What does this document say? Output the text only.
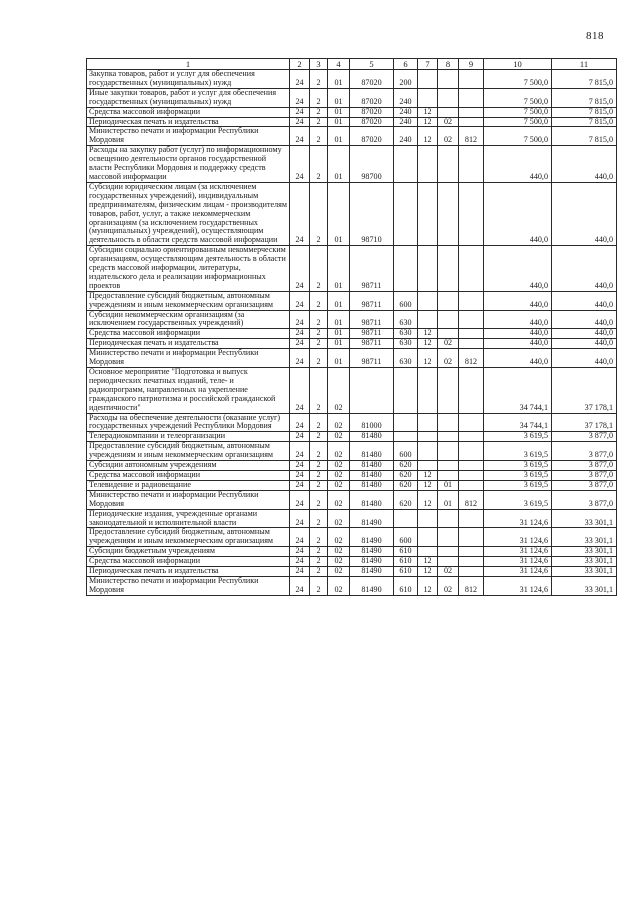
818
1	2	3	4	5	6	7	8	9	10	11
Закупка товаров, работ и услуг для обеспечения государственных (муниципальных) нужд	24	2	01	87020	200				7 500,0	7 815,0
Иные закупки товаров, работ и услуг для обеспечения государственных (муниципальных) нужд	24	2	01	87020	240				7 500,0	7 815,0
Средства массовой информации	24	2	01	87020	240	12			7 500,0	7 815,0
Периодическая печать и издательства	24	2	01	87020	240	12	02		7 500,0	7 815,0
Министерство печати и информации Республики Мордовия	24	2	01	87020	240	12	02	812	7 500,0	7 815,0
Расходы на закупку работ (услуг) по информационному освещению деятельности органов государственной власти Республики Мордовия и поддержку средств массовой информации	24	2	01	98700					440,0	440,0
Субсидии юридическим лицам (за исключением государственных учреждений), индивидуальным предпринимателям, физическим лицам - производителям товаров, работ, услуг, а также некоммерческим организациям (за исключением государственных (муниципальных) учреждений), осуществляющим деятельность в области средств массовой информации	24	2	01	98710					440,0	440,0
Субсидии социально ориентированным некоммерческим организациям, осуществляющим деятельность в области средств массовой информации, литературы, издательского дела и реализации информационных проектов	24	2	01	98711					440,0	440,0
Предоставление субсидий бюджетным, автономным учреждениям и иным некоммерческим организациям	24	2	01	98711	600				440,0	440,0
Субсидии некоммерческим организациям (за исключением государственных учреждений)	24	2	01	98711	630				440,0	440,0
Средства массовой информации	24	2	01	98711	630	12			440,0	440,0
Периодическая печать и издательства	24	2	01	98711	630	12	02		440,0	440,0
Министерство печати и информации Республики Мордовия	24	2	01	98711	630	12	02	812	440,0	440,0
Основное мероприятие "Подготовка и выпуск периодических печатных изданий, теле- и радиопрограмм, направленных на укрепление гражданского патриотизма и российской гражданской идентичности"	24	2	02						34 744,1	37 178,1
Расходы на обеспечение деятельности (оказание услуг) государственных учреждений Республики Мордовия	24	2	02	81000					34 744,1	37 178,1
Телерадиокомпании и телеорганизации	24	2	02	81480					3 619,5	3 877,0
Предоставление субсидий бюджетным, автономным учреждениям и иным некоммерческим организациям	24	2	02	81480	600				3 619,5	3 877,0
Субсидии автономным учреждениям	24	2	02	81480	620				3 619,5	3 877,0
Средства массовой информации	24	2	02	81480	620	12			3 619,5	3 877,0
Телевидение и радиовещание	24	2	02	81480	620	12	01		3 619,5	3 877,0
Министерство печати и информации Республики Мордовия	24	2	02	81480	620	12	01	812	3 619,5	3 877,0
Периодические издания, учрежденные органами законодательной и исполнительной власти	24	2	02	81490					31 124,6	33 301,1
Предоставление субсидий бюджетным, автономным учреждениям и иным некоммерческим организациям	24	2	02	81490	600				31 124,6	33 301,1
Субсидии бюджетным учреждениям	24	2	02	81490	610				31 124,6	33 301,1
Средства массовой информации	24	2	02	81490	610	12			31 124,6	33 301,1
Периодическая печать и издательства	24	2	02	81490	610	12	02		31 124,6	33 301,1
Министерство печати и информации Республики Мордовия	24	2	02	81490	610	12	02	812	31 124,6	33 301,1
